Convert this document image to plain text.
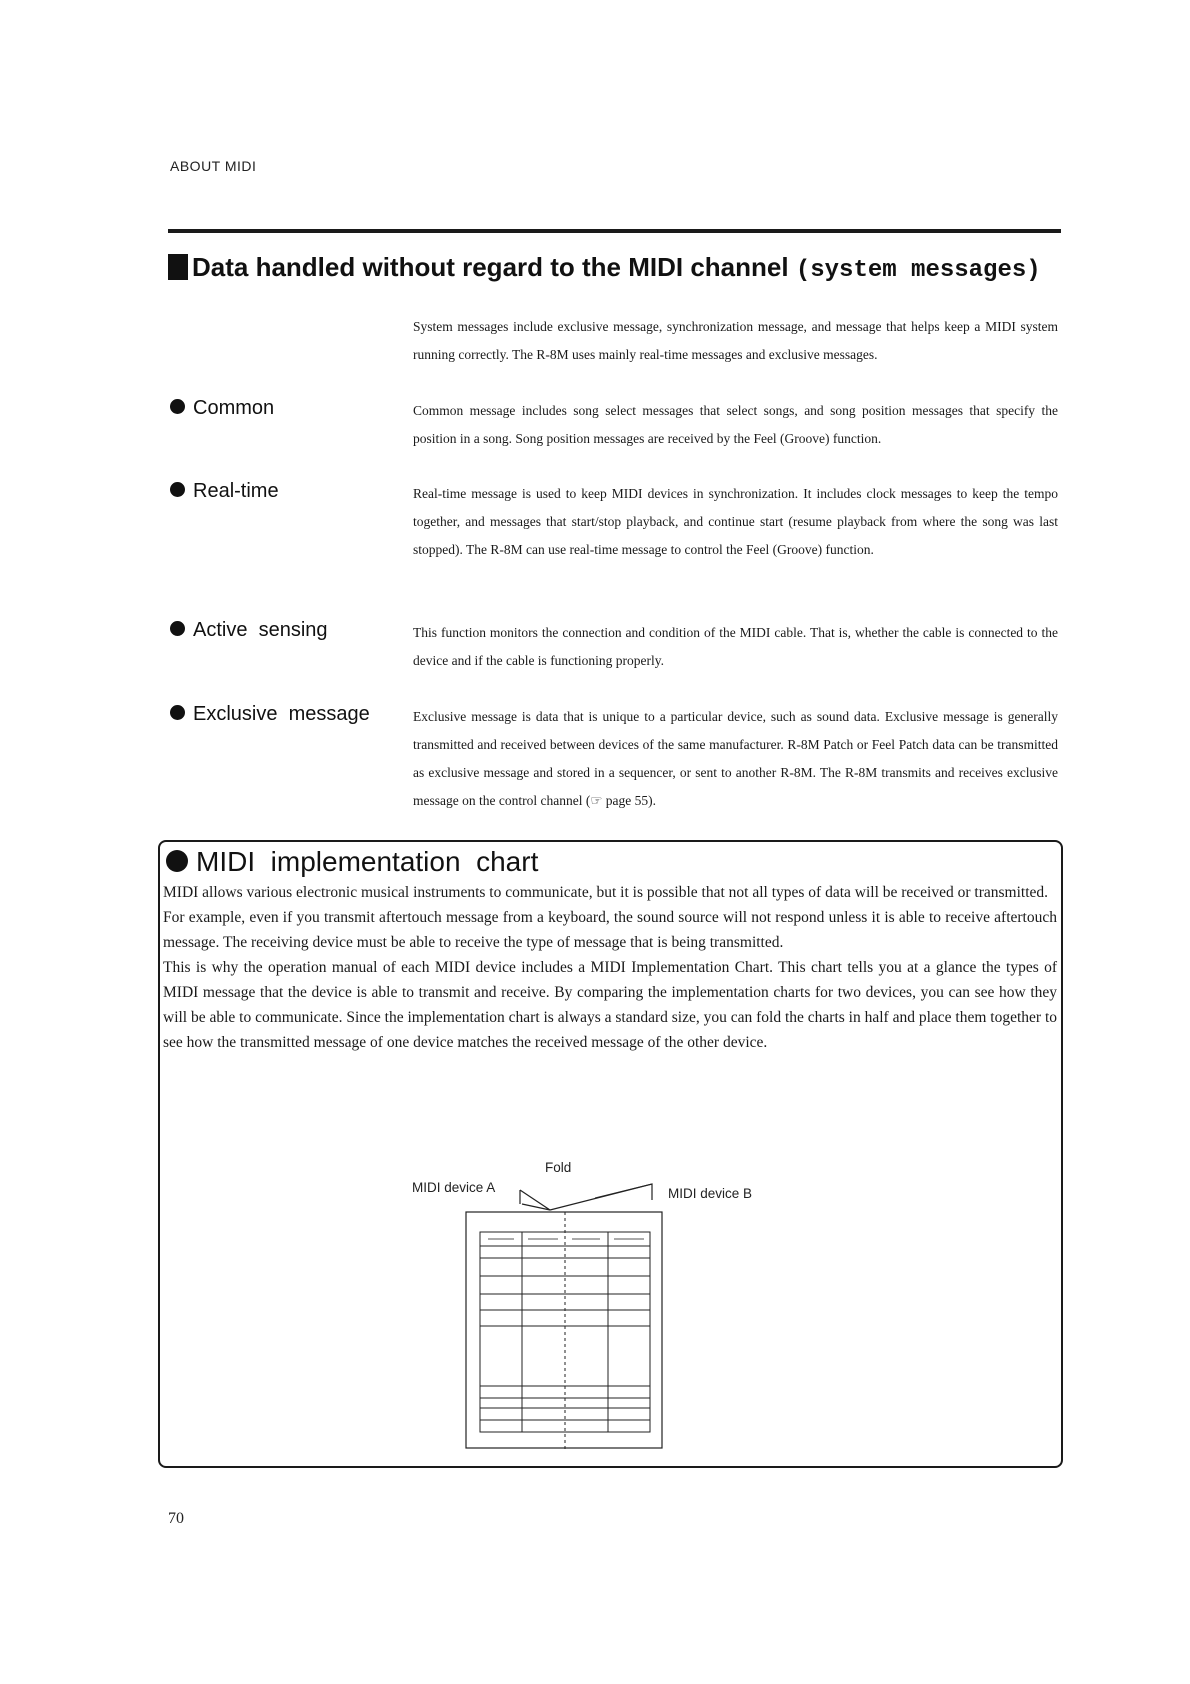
ABOUT MIDI
Data handled without regard to the MIDI channel (system messages)
System messages include exclusive message, synchronization message, and message that helps keep a MIDI system running correctly. The R-8M uses mainly real-time messages and exclusive messages.
Common	Common message includes song select messages that select songs, and song position messages that specify the position in a song. Song position messages are received by the Feel (Groove) function.
Real-time	Real-time message is used to keep MIDI devices in synchronization. It includes clock messages to keep the tempo together, and messages that start/stop playback, and continue start (resume playback from where the song was last stopped). The R-8M can use real-time message to control the Feel (Groove) function.
Active  sensing	This function monitors the connection and condition of the MIDI cable. That is, whether the cable is connected to the device and if the cable is functioning properly.
Exclusive  message	Exclusive message is data that is unique to a particular device, such as sound data. Exclusive message is generally transmitted and received between devices of the same manufacturer. R-8M Patch or Feel Patch data can be transmitted as exclusive message and stored in a sequencer, or sent to another R-8M. The R-8M transmits and receives exclusive message on the control channel (☞ page 55).
MIDI  implementation  chart

MIDI allows various electronic musical instruments to communicate, but it is possible that not all types of data will be received or transmitted.

For example, even if you transmit aftertouch message from a keyboard, the sound source will not respond unless it is able to receive aftertouch message. The receiving device must be able to receive the type of message that is being transmitted.

This is why the operation manual of each MIDI device includes a MIDI Implementation Chart. This chart tells you at a glance the types of MIDI message that the device is able to transmit and receive. By comparing the implementation charts for two devices, you can see how they will be able to communicate. Since the implementation chart is always a standard size, you can fold the charts in half and place them together to see how the transmitted message of one device matches the received message of the other device.

Fold
MIDI device A	MIDI device B
70
